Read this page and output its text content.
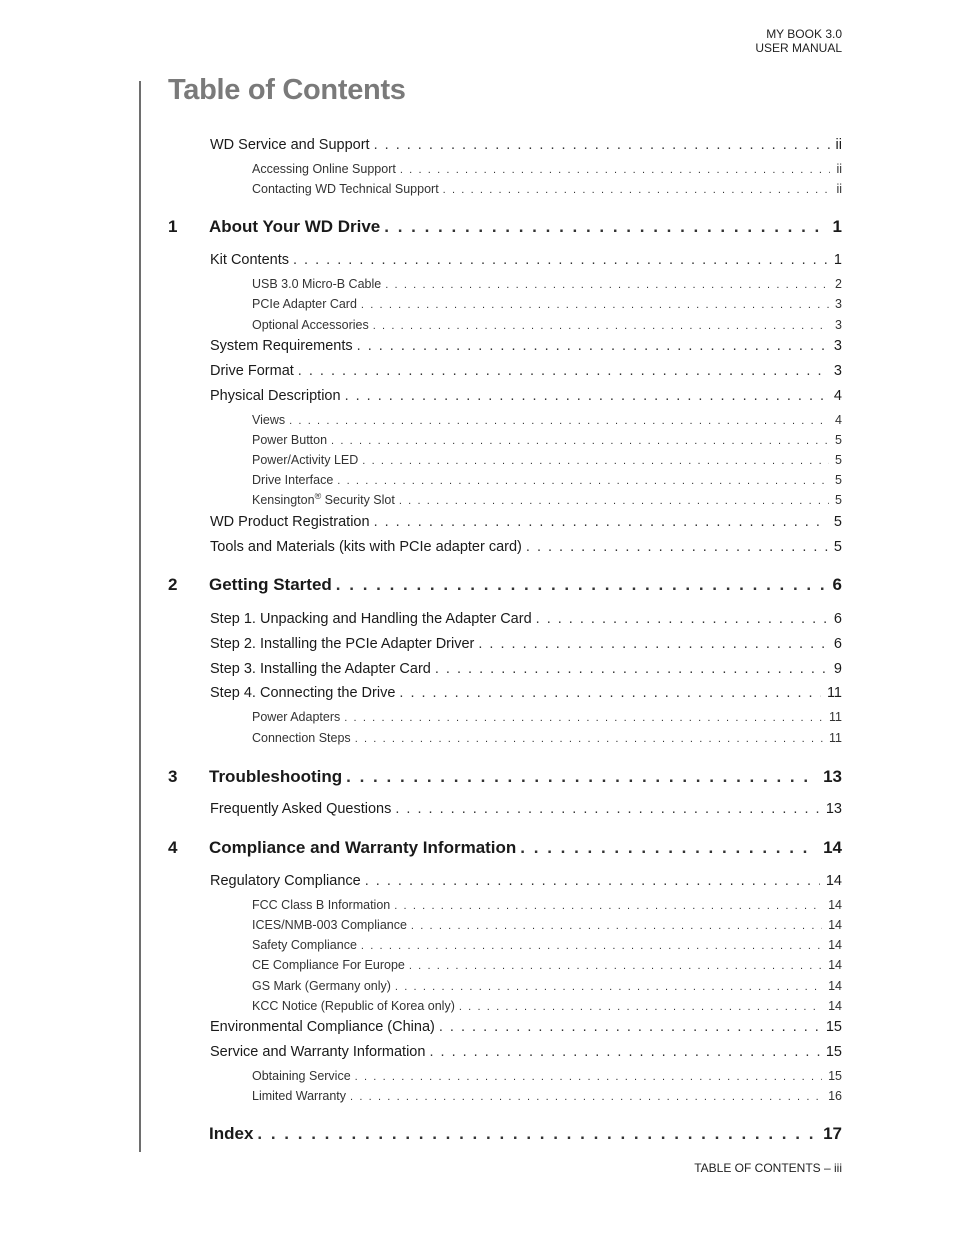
MY BOOK 3.0
USER MANUAL
Table of Contents
WD Service and Support . . .	ii
Accessing Online Support . . .	ii
Contacting WD Technical Support . . .	ii
1	About Your WD Drive . . .	1
Kit Contents . . .	1
USB 3.0 Micro-B Cable . . .	2
PCIe Adapter Card . . .	3
Optional Accessories . . .	3
System Requirements . . .	3
Drive Format . . .	3
Physical Description . . .	4
Views . . .	4
Power Button . . .	5
Power/Activity LED . . .	5
Drive Interface . . .	5
Kensington® Security Slot . . .	5
WD Product Registration . . .	5
Tools and Materials (kits with PCIe adapter card) . . .	5
2	Getting Started . . .	6
Step 1. Unpacking and Handling the Adapter Card . . .	6
Step 2. Installing the PCIe Adapter Driver . . .	6
Step 3. Installing the Adapter Card . . .	9
Step 4. Connecting the Drive . . .	11
Power Adapters . . .	11
Connection Steps . . .	11
3	Troubleshooting . . .	13
Frequently Asked Questions . . .	13
4	Compliance and Warranty Information . . .	14
Regulatory Compliance . . .	14
FCC Class B Information . . .	14
ICES/NMB-003 Compliance . . .	14
Safety Compliance . . .	14
CE Compliance For Europe . . .	14
GS Mark (Germany only) . . .	14
KCC Notice (Republic of Korea only) . . .	14
Environmental Compliance (China) . . .	15
Service and Warranty Information . . .	15
Obtaining Service . . .	15
Limited Warranty . . .	16
Index . . .	17
TABLE OF CONTENTS – iii
